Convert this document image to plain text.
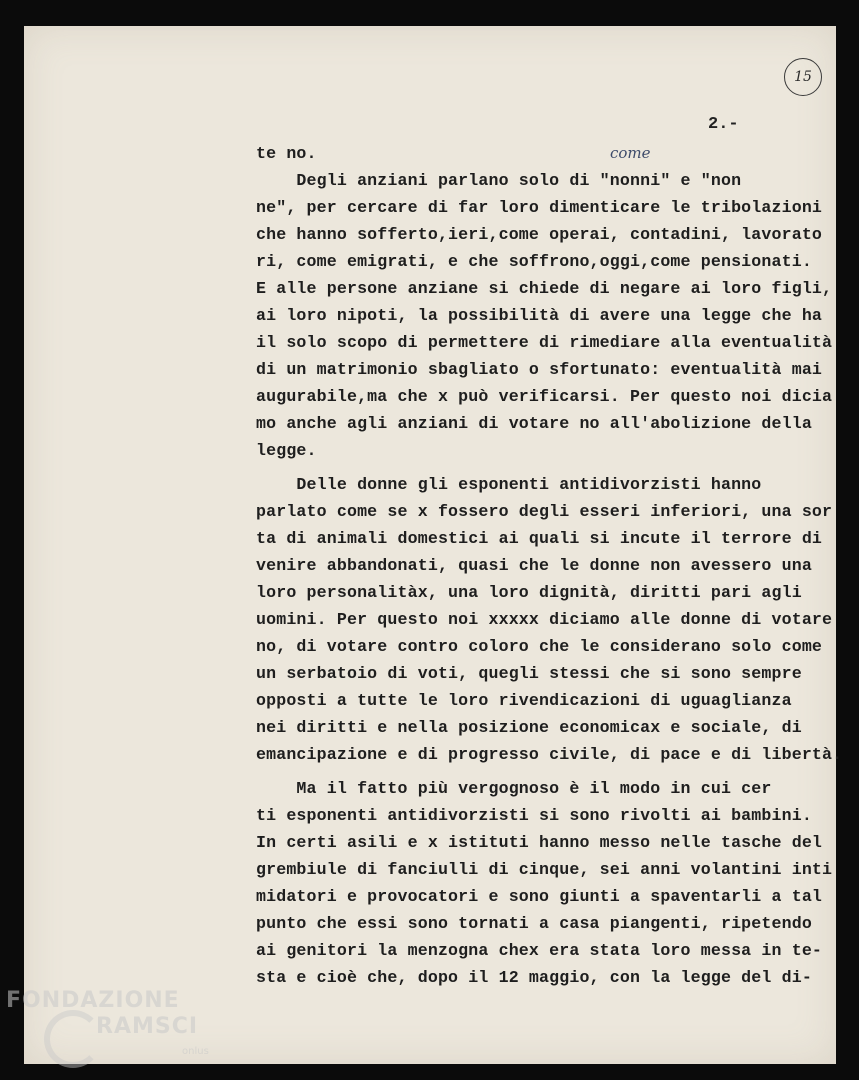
15
2.-
come
te no.
Degli anziani parlano solo di "nonni" e "non
ne", per cercare di far loro dimenticare le tribolazioni
che hanno sofferto,ieri,come operai, contadini, lavorato
ri, come emigrati, e che soffrono,oggi,come pensionati.
E alle persone anziane si chiede di negare ai loro figli,
ai loro nipoti, la possibilità di avere una legge che ha
il solo scopo di permettere di rimediare alla eventualità
di un matrimonio sbagliato o sfortunato: eventualità mai
augurabile,ma che x può verificarsi. Per questo noi dicia
mo anche agli anziani di votare no all'abolizione della
legge.
Delle donne gli esponenti antidivorzisti hanno
parlato come se x fossero degli esseri inferiori, una sor
ta di animali domestici ai quali si incute il terrore di
venire abbandonati, quasi che le donne non avessero una
loro personalitàx, una loro dignità, diritti pari agli
uomini. Per questo noi xxxxx diciamo alle donne di votare
no, di votare contro coloro che le considerano solo come
un serbatoio di voti, quegli stessi che si sono sempre
opposti a tutte le loro rivendicazioni di uguaglianza
nei diritti e nella posizione economicax e sociale, di
emancipazione e di progresso civile, di pace e di libertà.
Ma il fatto più vergognoso è il modo in cui cer
ti esponenti antidivorzisti si sono rivolti ai bambini.
In certi asili e x istituti hanno messo nelle tasche del
grembiule di fanciulli di cinque, sei anni volantini inti
midatori e provocatori e sono giunti a spaventarli a tal
punto che essi sono tornati a casa piangenti, ripetendo
ai genitori la menzogna chex era stata loro messa in te-
sta e cioè che, dopo il 12 maggio, con la legge del di-
FONDAZIONE
RAMSCI
onlus
